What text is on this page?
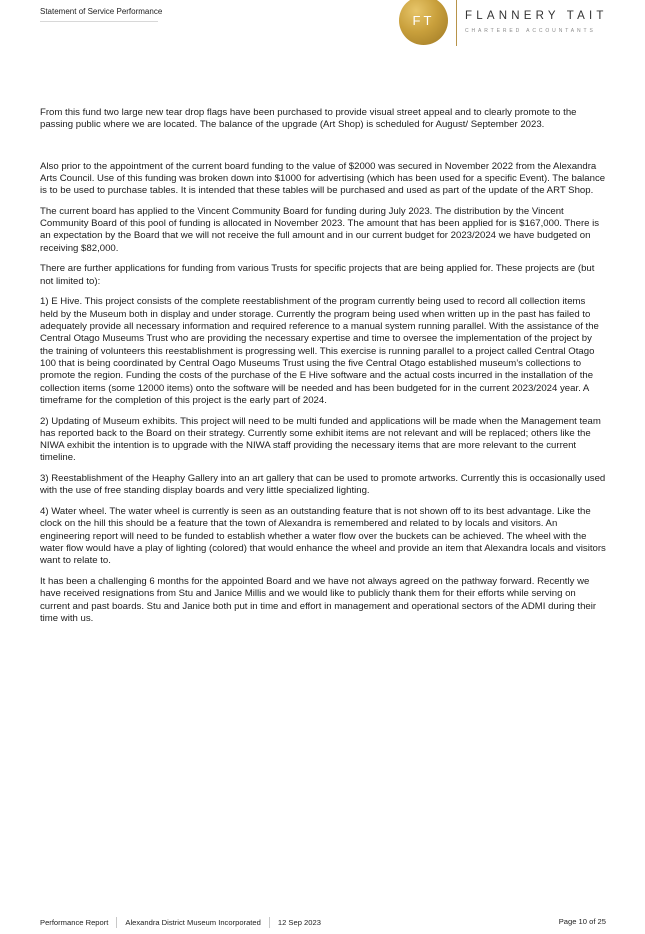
Statement of Service Performance
FT	FLANNERY TAIT
CHARTERED ACCOUNTANTS

From this fund two large new tear drop flags have been purchased to provide visual street appeal and to clearly promote to the passing public where we are located. The balance of the upgrade (Art Shop) is scheduled for August/ September 2023.

Also prior to the appointment of the current board funding to the value of $2000 was secured in November 2022 from the Alexandra Arts Council. Use of this funding was broken down into $1000 for advertising (which has been used for a specific Event). The balance is to be used to purchase tables. It is intended that these tables will be purchased and used as part of the update of the ART Shop.

The current board has applied to the Vincent Community Board for funding during July 2023. The distribution by the Vincent Community Board of this pool of funding is allocated in November 2023. The amount that has been applied for is $167,000. There is an expectation by the Board that we will not receive the full amount and in our current budget for 2023/2024 we have budgeted on receiving $82,000.

There are further applications for funding from various Trusts for specific projects that are being applied for. These projects are (but not limited to):

1) E Hive. This project consists of the complete reestablishment of the program currently being used to record all collection items held by the Museum both in display and under storage. Currently the program being used when written up in the past has failed to adequately provide all necessary information and required reference to a manual system running parallel. With the assistance of the Central Otago Museums Trust who are providing the necessary expertise and time to oversee the implementation of the project by the training of volunteers this reestablishment is progressing well. This exercise is running parallel to a project called Central Otago 100 that is being coordinated by Central Oago Museums Trust using the five Central Otago established museum’s collections to promote the region. Funding the costs of the purchase of the E Hive software and the actual costs incurred in the installation of the collection items (some 12000 items) onto the software will be needed and has been budgeted for in the current 2023/2024 year. A timeframe for the completion of this project is the early part of 2024.

2) Updating of Museum exhibits. This project will need to be multi funded and applications will be made when the Management team has reported back to the Board on their strategy. Currently some exhibit items are not relevant and will be replaced; others like the NIWA exhibit the intention is to upgrade with the NIWA staff providing the necessary items that are more relevant to the current timeline.

3) Reestablishment of the Heaphy Gallery into an art gallery that can be used to promote artworks. Currently this is occasionally used with the use of free standing display boards and very little specialized lighting.

4) Water wheel. The water wheel is currently is seen as an outstanding feature that is not shown off to its best advantage. Like the clock on the hill this should be a feature that the town of Alexandra is remembered and related to by locals and visitors. An engineering report will need to be funded to establish whether a water flow over the buckets can be achieved. The wheel with the water flow would have a play of lighting (colored) that would enhance the wheel and provide an item that Alexandra locals and visitors want to relate to.

It has been a challenging 6 months for the appointed Board and we have not always agreed on the pathway forward. Recently we have received resignations from Stu and Janice Millis and we would like to publicly thank them for their efforts while serving on current and past boards. Stu and Janice both put in time and effort in management and operational sectors of the ADMI during their time with us.

Performance Report Alexandra District Museum Incorporated 12 Sep 2023	Page 10 of 25
